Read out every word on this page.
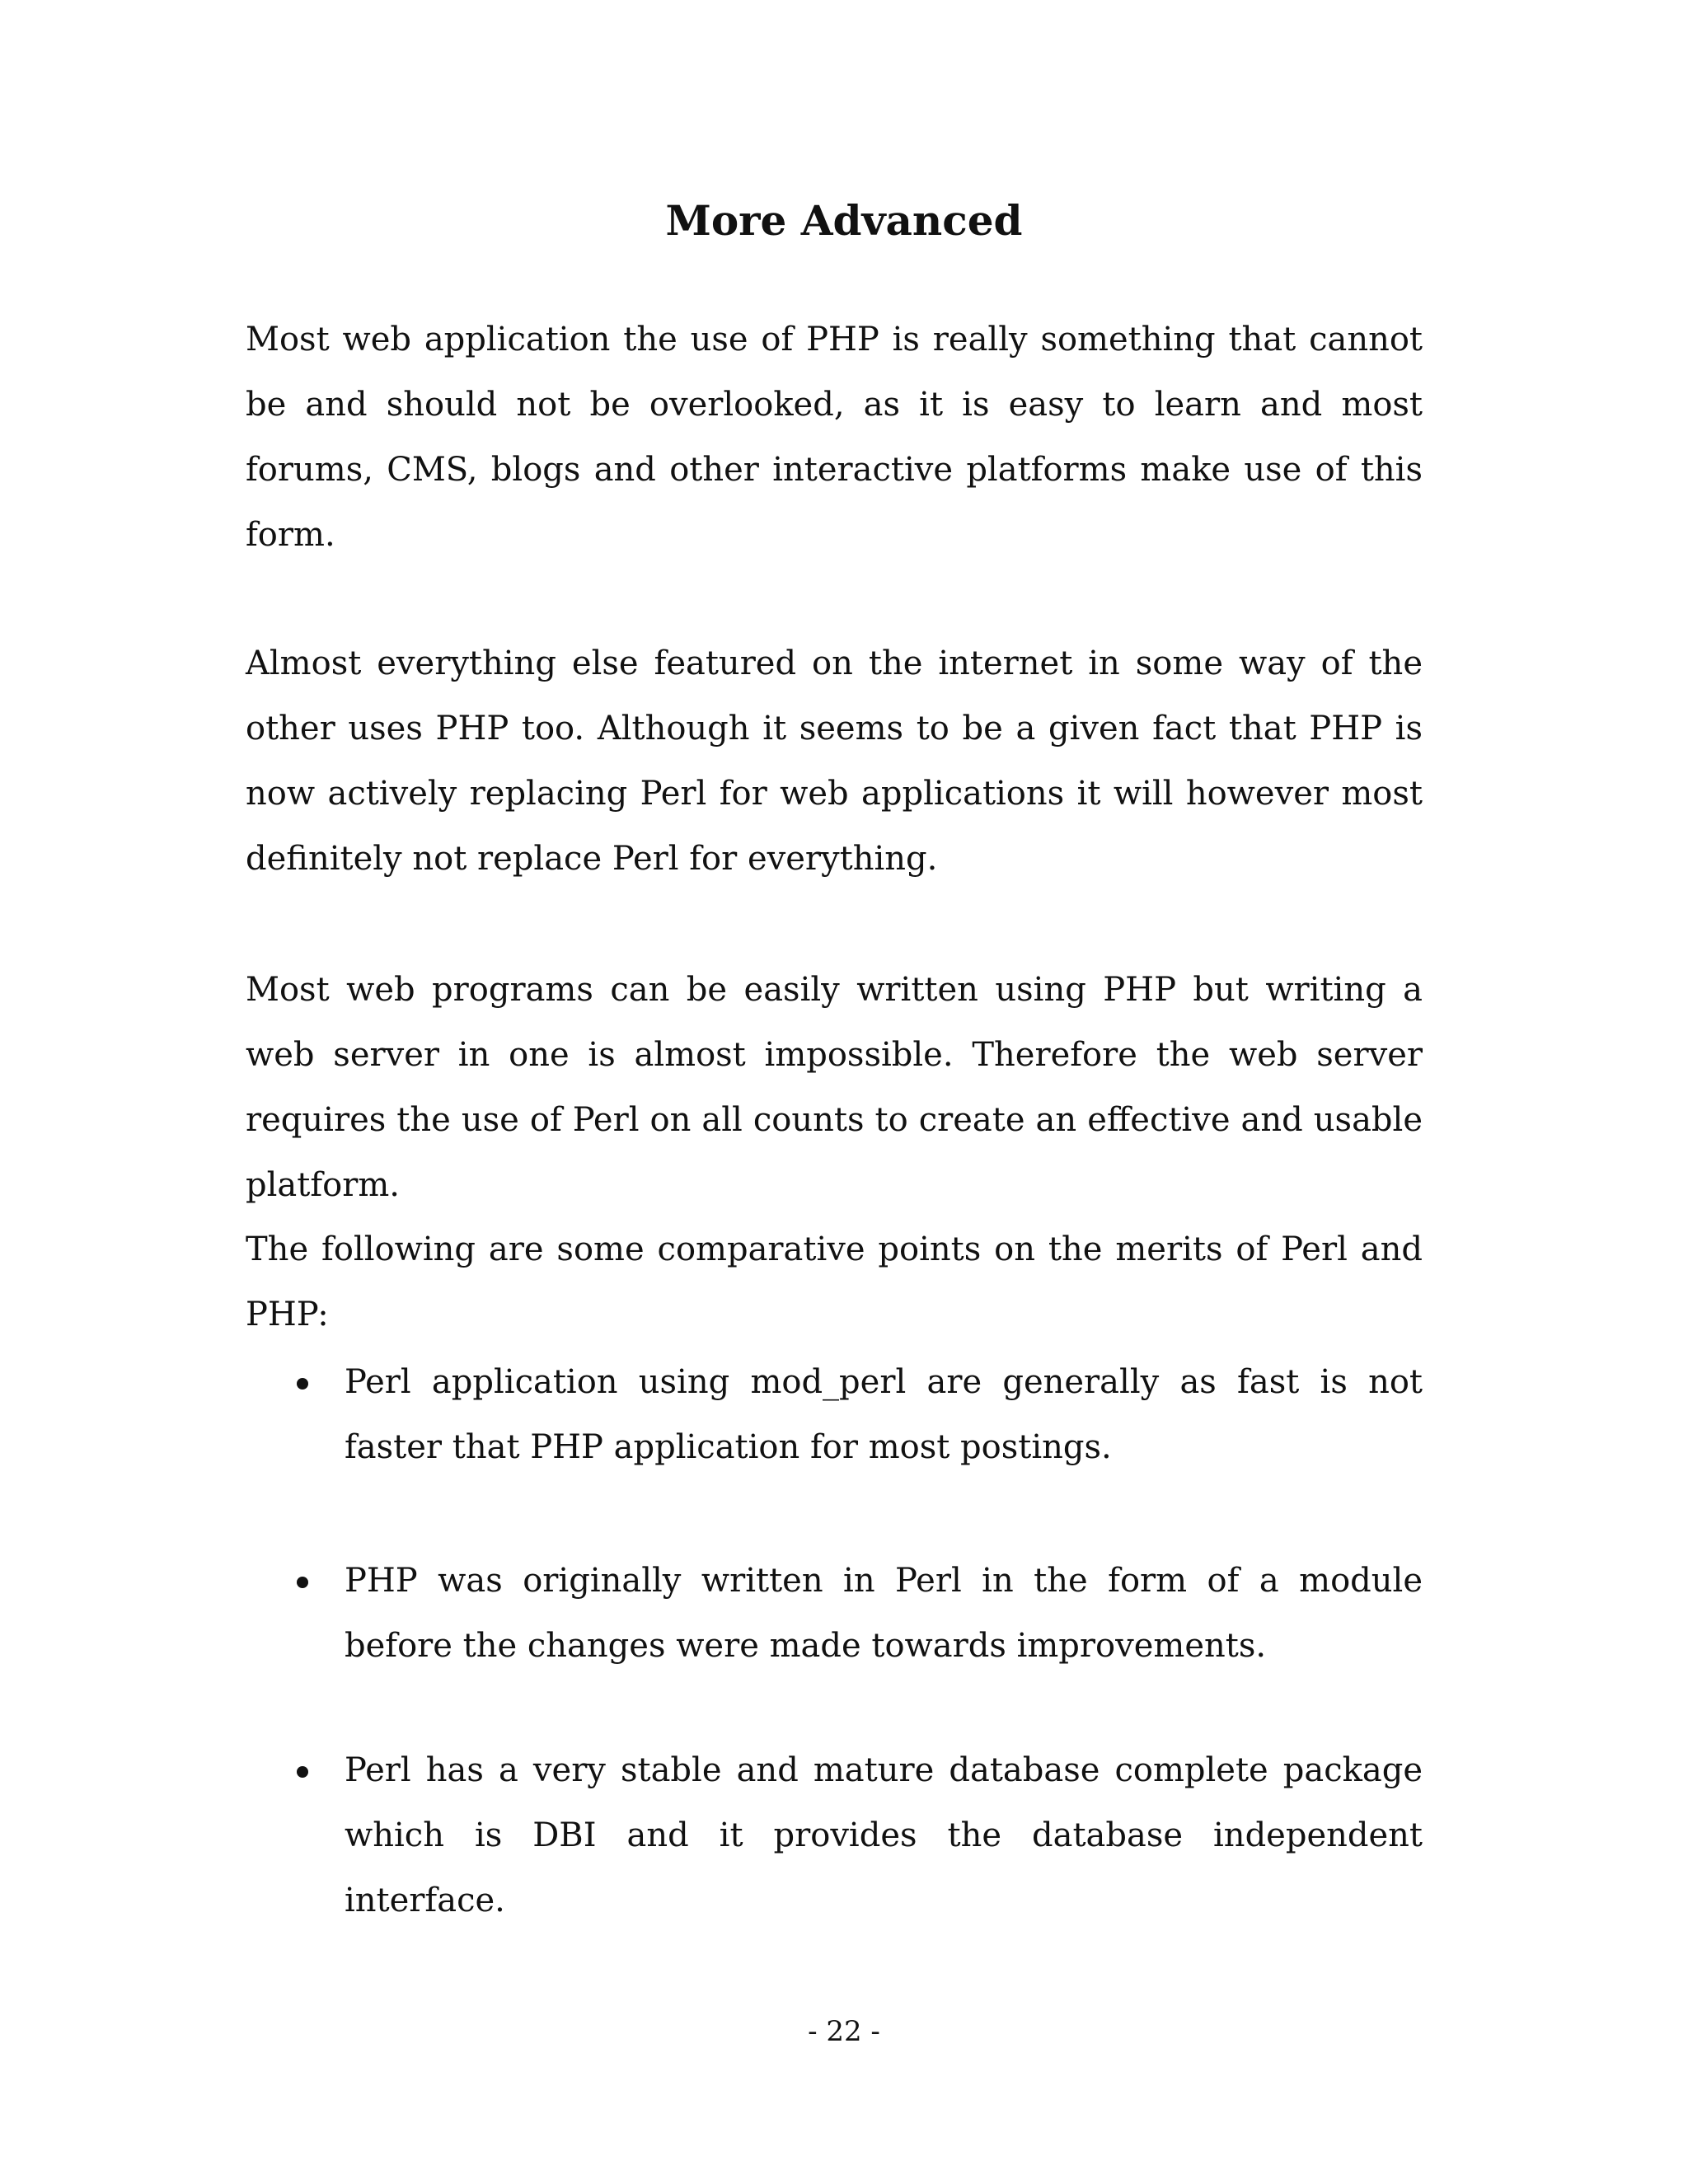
More Advanced

Most web application the use of PHP is really something that cannot be and should not be overlooked, as it is easy to learn and most forums, CMS, blogs and other interactive platforms make use of this form.

Almost everything else featured on the internet in some way of the other uses PHP too. Although it seems to be a given fact that PHP is now actively replacing Perl for web applications it will however most definitely not replace Perl for everything.

Most web programs can be easily written using PHP but writing a web server in one is almost impossible. Therefore the web server requires the use of Perl on all counts to create an effective and usable platform.

The following are some comparative points on the merits of Perl and PHP:

Perl application using mod_perl are generally as fast is not faster that PHP application for most postings.

PHP was originally written in Perl in the form of a module before the changes were made towards improvements.

Perl has a very stable and mature database complete package which is DBI and it provides the database independent interface.

- 22 -
